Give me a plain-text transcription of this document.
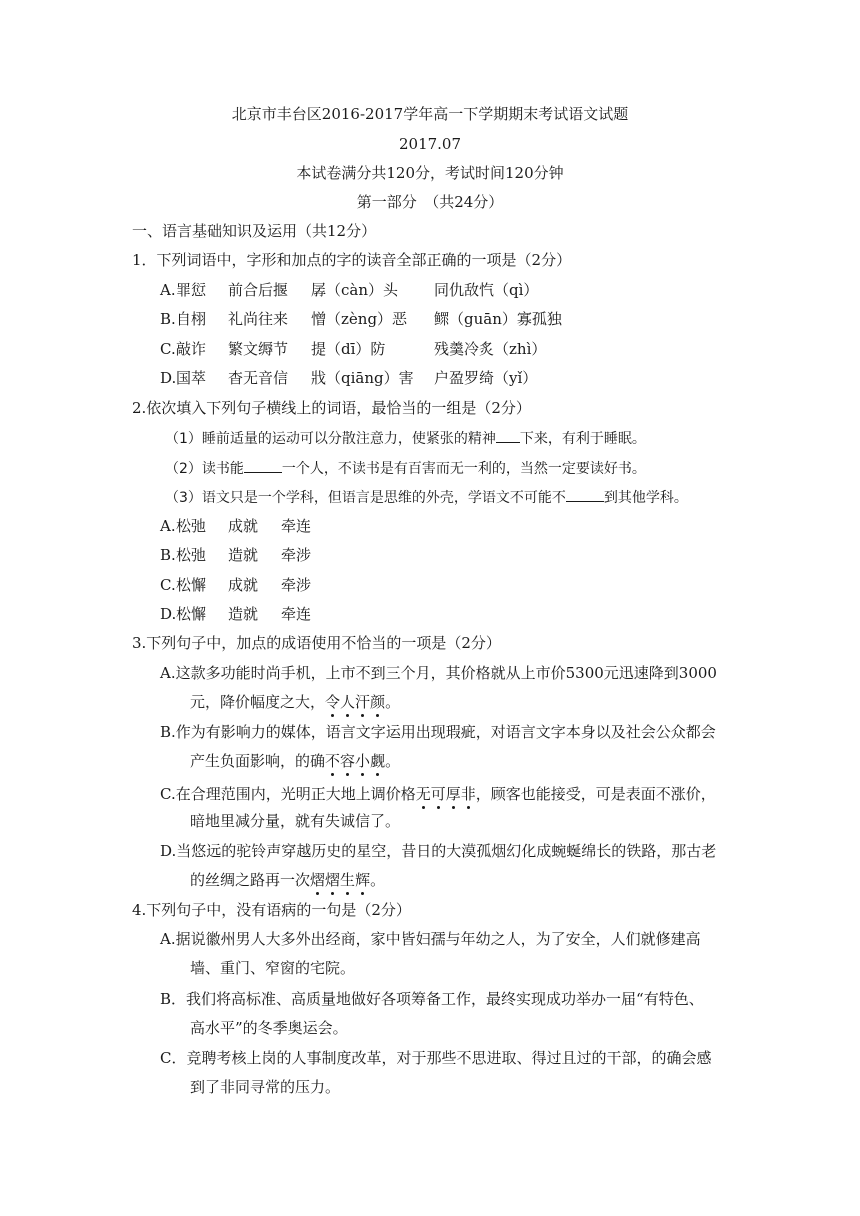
北京市丰台区2016-2017学年高一下学期期末考试语文试题
2017.07
本试卷满分共120分，考试时间120分钟
第一部分　（共24分）
一、语言基础知识及运用（共12分）
1．下列词语中，字形和加点的字的读音全部正确的一项是（2分）
A. 罪愆 前合后揠 孱（càn）头 同仇敌忾（qì）
B. 自栩 礼尚往来 憎（zèng）恶 鳏（guān）寡孤独
C. 敲诈 繁文缛节 提（dī）防	残羹冷炙（zhì）
D. 国萃 杳无音信 戕（qiāng）害 户盈罗绮（yǐ）
2.依次填入下列句子横线上的词语，最恰当的一组是（2分）
（1）睡前适量的运动可以分散注意力，使紧张的精神 下来，有利于睡眠。
（2）读书能	一个人，不读书是有百害而无一利的，当然一定要读好书。
（3）语文只是一个学科，但语言是思维的外壳，学语文不可能不	到其他学科。
A. 松弛 成就 牵连
B. 松弛 造就 牵涉
C. 松懈 成就 牵涉
D. 松懈 造就 牵连
3.下列句子中，加点的成语使用不恰当的一项是（2分）
A.这款多功能时尚手机，上市不到三个月，其价格就从上市价5300元迅速降到3000
元，降价幅度之大，令人汗颜。
B.作为有影响力的媒体，语言文字运用出现瑕疵，对语言文字本身以及社会公众都会
产生负面影响，的确不容小觑。
C.在合理范围内，光明正大地上调价格无可厚非，顾客也能接受，可是表面不涨价，
暗地里减分量，就有失诚信了。
D.当悠远的驼铃声穿越历史的星空，昔日的大漠孤烟幻化成蜿蜒绵长的铁路，那古老
的丝绸之路再一次熠熠生辉。
4.下列句子中，没有语病的一句是（2分）
A.据说徽州男人大多外出经商，家中皆妇孺与年幼之人，为了安全，人们就修建高
墙、重门、窄窗的宅院。
B．我们将高标准、高质量地做好各项筹备工作，最终实现成功举办一届“有特色、
高水平”的冬季奥运会。
C．竞聘考核上岗的人事制度改革，对于那些不思进取、得过且过的干部，的确会感
到了非同寻常的压力。
